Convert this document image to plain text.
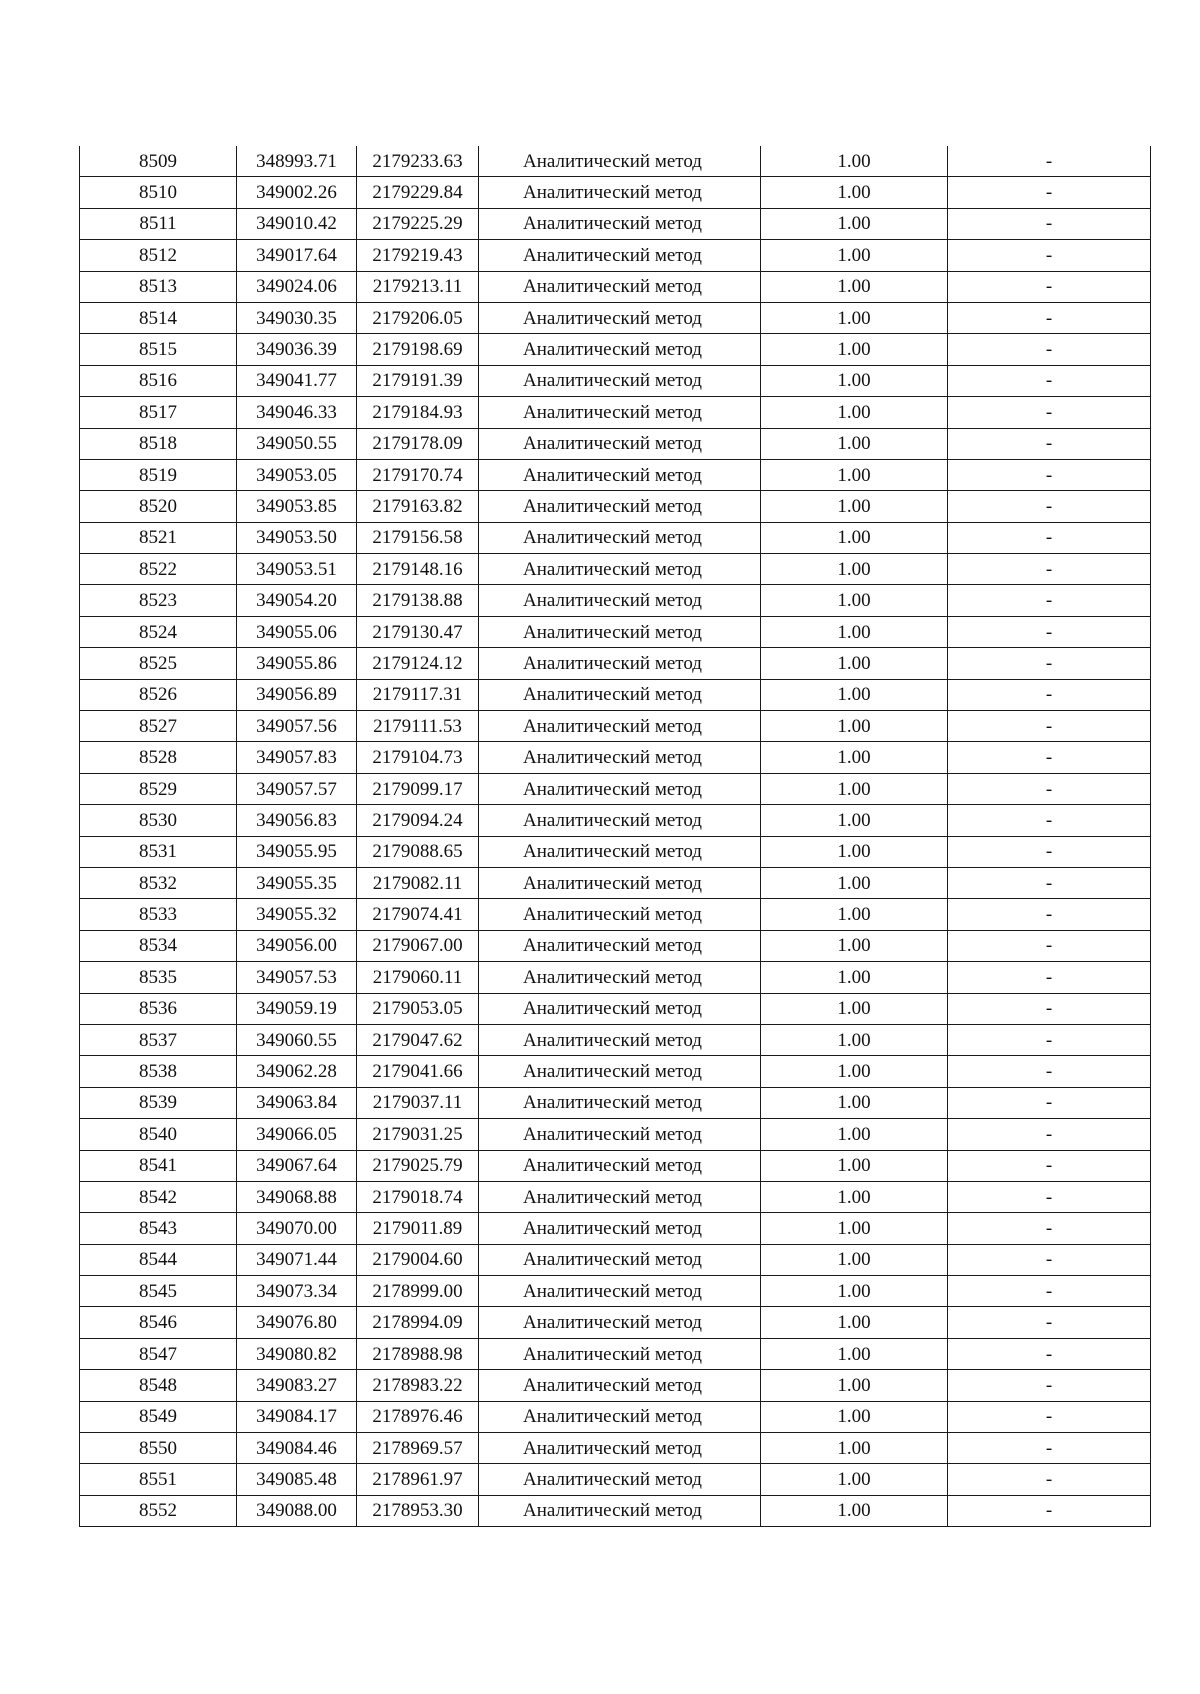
8509	348993.71	2179233.63	Аналитический метод	1.00	-
8510	349002.26	2179229.84	Аналитический метод	1.00	-
8511	349010.42	2179225.29	Аналитический метод	1.00	-
8512	349017.64	2179219.43	Аналитический метод	1.00	-
8513	349024.06	2179213.11	Аналитический метод	1.00	-
8514	349030.35	2179206.05	Аналитический метод	1.00	-
8515	349036.39	2179198.69	Аналитический метод	1.00	-
8516	349041.77	2179191.39	Аналитический метод	1.00	-
8517	349046.33	2179184.93	Аналитический метод	1.00	-
8518	349050.55	2179178.09	Аналитический метод	1.00	-
8519	349053.05	2179170.74	Аналитический метод	1.00	-
8520	349053.85	2179163.82	Аналитический метод	1.00	-
8521	349053.50	2179156.58	Аналитический метод	1.00	-
8522	349053.51	2179148.16	Аналитический метод	1.00	-
8523	349054.20	2179138.88	Аналитический метод	1.00	-
8524	349055.06	2179130.47	Аналитический метод	1.00	-
8525	349055.86	2179124.12	Аналитический метод	1.00	-
8526	349056.89	2179117.31	Аналитический метод	1.00	-
8527	349057.56	2179111.53	Аналитический метод	1.00	-
8528	349057.83	2179104.73	Аналитический метод	1.00	-
8529	349057.57	2179099.17	Аналитический метод	1.00	-
8530	349056.83	2179094.24	Аналитический метод	1.00	-
8531	349055.95	2179088.65	Аналитический метод	1.00	-
8532	349055.35	2179082.11	Аналитический метод	1.00	-
8533	349055.32	2179074.41	Аналитический метод	1.00	-
8534	349056.00	2179067.00	Аналитический метод	1.00	-
8535	349057.53	2179060.11	Аналитический метод	1.00	-
8536	349059.19	2179053.05	Аналитический метод	1.00	-
8537	349060.55	2179047.62	Аналитический метод	1.00	-
8538	349062.28	2179041.66	Аналитический метод	1.00	-
8539	349063.84	2179037.11	Аналитический метод	1.00	-
8540	349066.05	2179031.25	Аналитический метод	1.00	-
8541	349067.64	2179025.79	Аналитический метод	1.00	-
8542	349068.88	2179018.74	Аналитический метод	1.00	-
8543	349070.00	2179011.89	Аналитический метод	1.00	-
8544	349071.44	2179004.60	Аналитический метод	1.00	-
8545	349073.34	2178999.00	Аналитический метод	1.00	-
8546	349076.80	2178994.09	Аналитический метод	1.00	-
8547	349080.82	2178988.98	Аналитический метод	1.00	-
8548	349083.27	2178983.22	Аналитический метод	1.00	-
8549	349084.17	2178976.46	Аналитический метод	1.00	-
8550	349084.46	2178969.57	Аналитический метод	1.00	-
8551	349085.48	2178961.97	Аналитический метод	1.00	-
8552	349088.00	2178953.30	Аналитический метод	1.00	-
